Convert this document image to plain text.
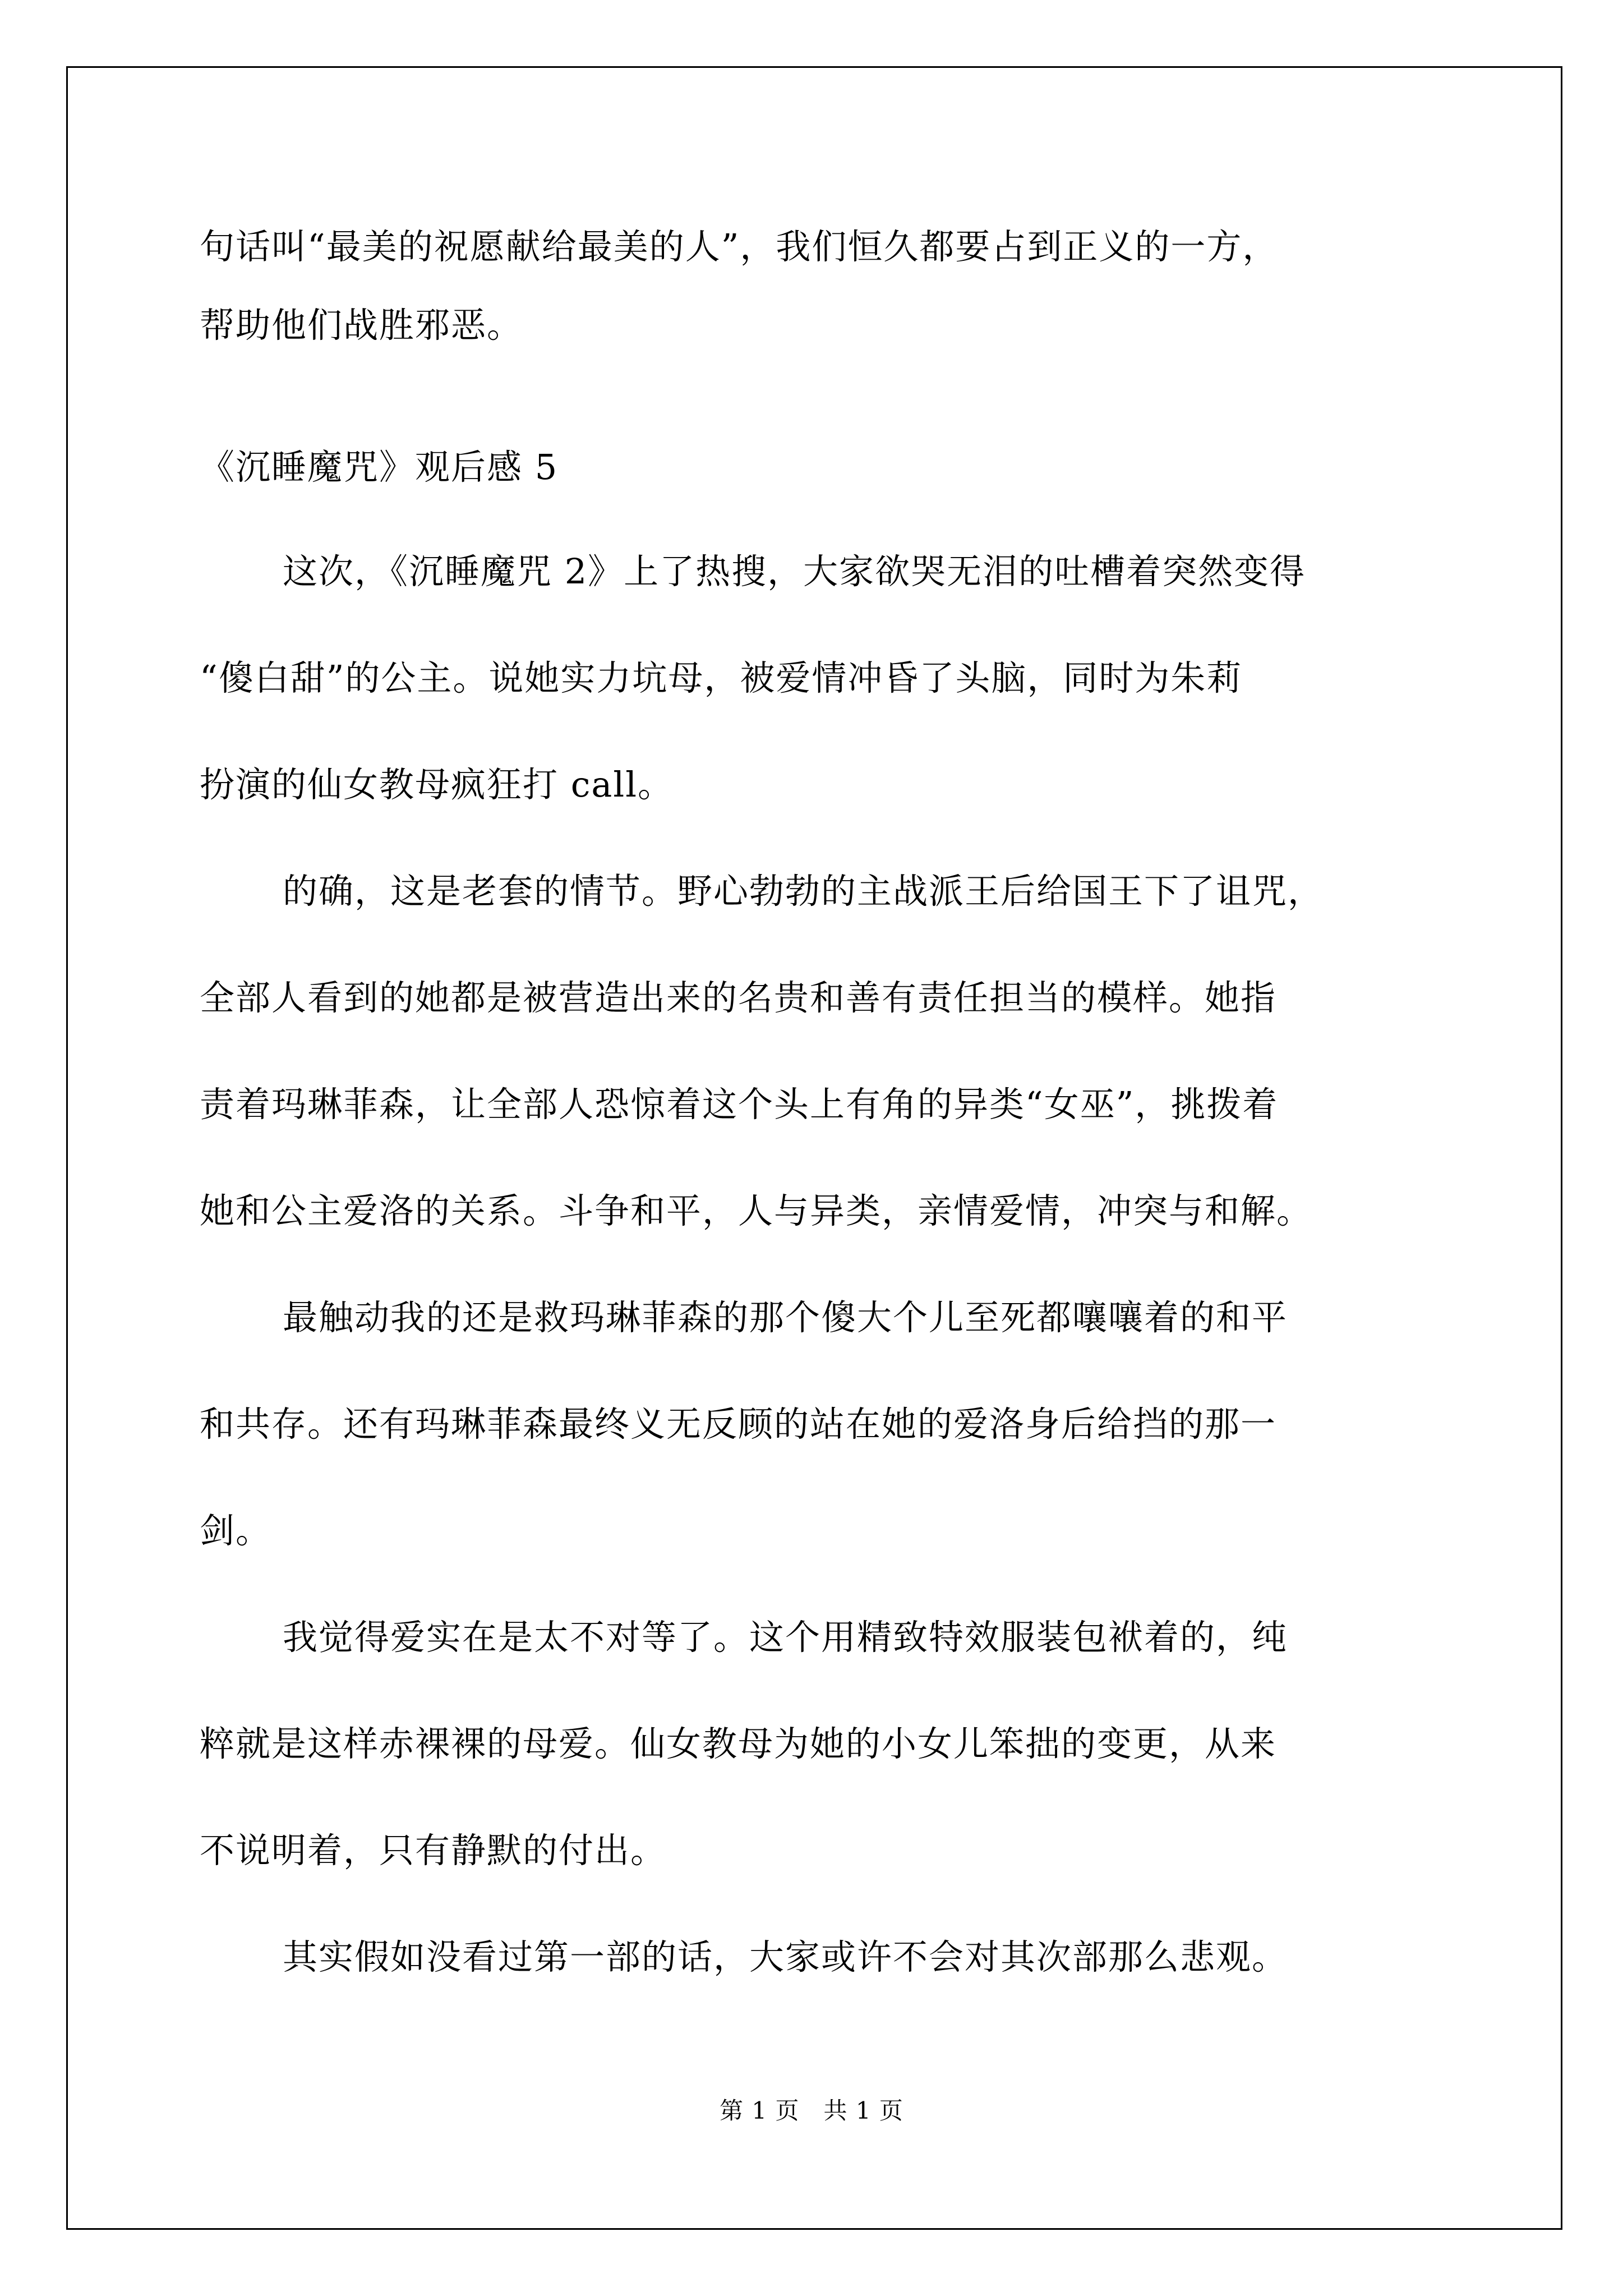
句话叫“最美的祝愿献给最美的人”，我们恒久都要占到正义的一方，
帮助他们战胜邪恶。
《沉睡魔咒》观后感 5
这次，《沉睡魔咒 2》上了热搜，大家欲哭无泪的吐槽着突然变得
“傻白甜”的公主。说她实力坑母，被爱情冲昏了头脑，同时为朱莉
扮演的仙女教母疯狂打 call。
的确，这是老套的情节。野心勃勃的主战派王后给国王下了诅咒，
全部人看到的她都是被营造出来的名贵和善有责任担当的模样。她指
责着玛琳菲森，让全部人恐惊着这个头上有角的异类“女巫”，挑拨着
她和公主爱洛的关系。斗争和平，人与异类，亲情爱情，冲突与和解。
最触动我的还是救玛琳菲森的那个傻大个儿至死都嚷嚷着的和平
和共存。还有玛琳菲森最终义无反顾的站在她的爱洛身后给挡的那一
剑。
我觉得爱实在是太不对等了。这个用精致特效服装包袱着的，纯
粹就是这样赤裸裸的母爱。仙女教母为她的小女儿笨拙的变更，从来
不说明着，只有静默的付出。
其实假如没看过第一部的话，大家或许不会对其次部那么悲观。
第 1 页　共 1 页
